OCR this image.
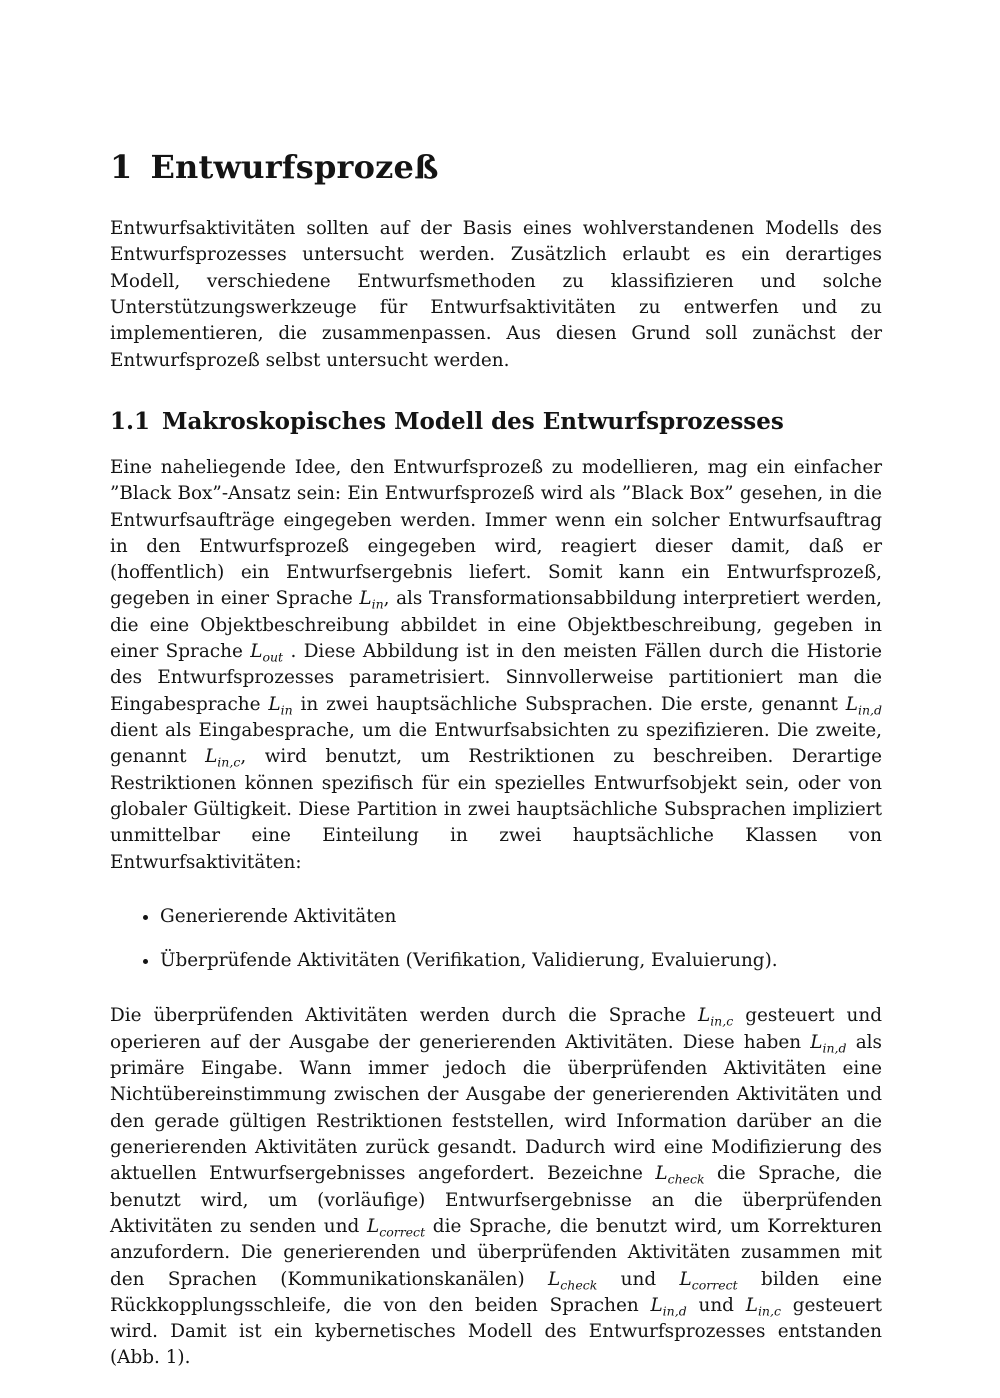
1 Entwurfsprozeß

Entwurfsaktivitäten sollten auf der Basis eines wohlverstandenen Modells des Entwurfsprozesses untersucht werden. Zusätzlich erlaubt es ein derartiges Modell, verschiedene Entwurfsmethoden zu klassifizieren und solche Unterstützungswerkzeuge für Entwurfsaktivitäten zu entwerfen und zu implementieren, die zusammenpassen. Aus diesen Grund soll zunächst der Entwurfsprozeß selbst untersucht werden.

1.1 Makroskopisches Modell des Entwurfsprozesses

Eine naheliegende Idee, den Entwurfsprozeß zu modellieren, mag ein einfacher ”Black Box”-Ansatz sein: Ein Entwurfsprozeß wird als ”Black Box” gesehen, in die Entwurfsaufträge eingegeben werden. Immer wenn ein solcher Entwurfsauftrag in den Entwurfsprozeß eingegeben wird, reagiert dieser damit, daß er (hoffentlich) ein Entwurfsergebnis liefert. Somit kann ein Entwurfsprozeß, gegeben in einer Sprache $L_{in}$, als Transformationsabbildung interpretiert werden, die eine Objektbeschreibung abbildet in eine Objektbeschreibung, gegeben in einer Sprache $L_{out}$ . Diese Abbildung ist in den meisten Fällen durch die Historie des Entwurfsprozesses parametrisiert. Sinnvollerweise partitioniert man die Eingabesprache $L_{in}$ in zwei hauptsächliche Subsprachen. Die erste, genannt $L_{in,d}$ dient als Eingabesprache, um die Entwurfsabsichten zu spezifizieren. Die zweite, genannt $L_{in,c}$, wird benutzt, um Restriktionen zu beschreiben. Derartige Restriktionen können spezifisch für ein spezielles Entwurfsobjekt sein, oder von globaler Gültigkeit. Diese Partition in zwei hauptsächliche Subsprachen impliziert unmittelbar eine Einteilung in zwei hauptsächliche Klassen von Entwurfsaktivitäten:

• Generierende Aktivitäten
• Überprüfende Aktivitäten (Verifikation, Validierung, Evaluierung).

Die überprüfenden Aktivitäten werden durch die Sprache $L_{in,c}$ gesteuert und operieren auf der Ausgabe der generierenden Aktivitäten. Diese haben $L_{in,d}$ als primäre Eingabe. Wann immer jedoch die überprüfenden Aktivitäten eine Nichtübereinstimmung zwischen der Ausgabe der generierenden Aktivitäten und den gerade gültigen Restriktionen feststellen, wird Information darüber an die generierenden Aktivitäten zurück gesandt. Dadurch wird eine Modifizierung des aktuellen Entwurfsergebnisses angefordert. Bezeichne $L_{check}$ die Sprache, die benutzt wird, um (vorläufige) Entwurfsergebnisse an die überprüfenden Aktivitäten zu senden und $L_{correct}$ die Sprache, die benutzt wird, um Korrekturen anzufordern. Die generierenden und überprüfenden Aktivitäten zusammen mit den Sprachen (Kommunikationskanälen) $L_{check}$ und $L_{correct}$ bilden eine Rückkopplungsschleife, die von den beiden Sprachen $L_{in,d}$ und $L_{in,c}$ gesteuert wird. Damit ist ein kybernetisches Modell des Entwurfsprozesses entstanden (Abb. 1).
